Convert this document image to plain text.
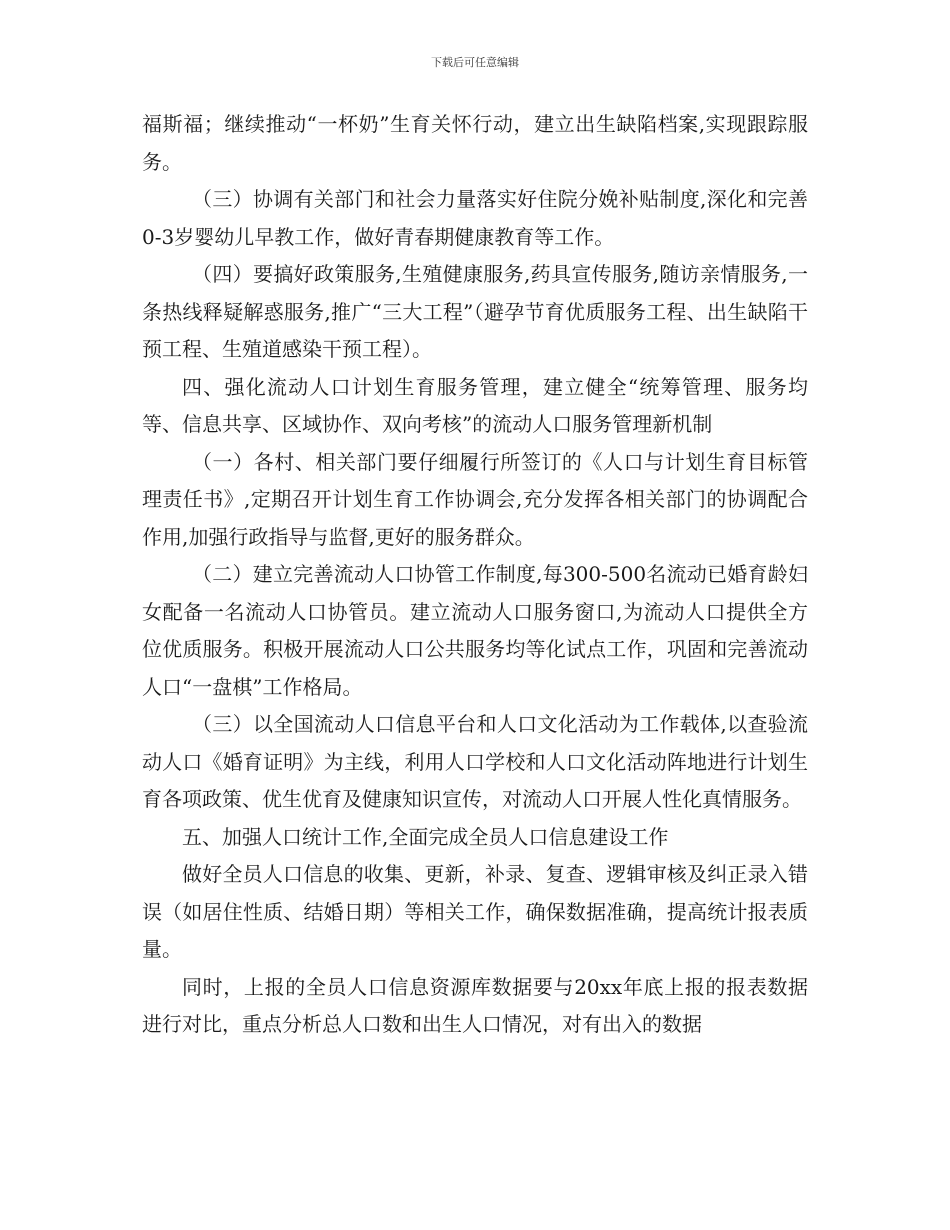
下载后可任意编辑

福斯福；继续推动“一杯奶”生育关怀行动，建立出生缺陷档案,实现跟踪服务。

（三）协调有关部门和社会力量落实好住院分娩补贴制度,深化和完善0-3岁婴幼儿早教工作，做好青春期健康教育等工作。

（四）要搞好政策服务,生殖健康服务,药具宣传服务,随访亲情服务,一条热线释疑解惑服务,推广“三大工程”（避孕节育优质服务工程、出生缺陷干预工程、生殖道感染干预工程）。

四、强化流动人口计划生育服务管理，建立健全“统筹管理、服务均等、信息共享、区域协作、双向考核”的流动人口服务管理新机制

（一）各村、相关部门要仔细履行所签订的《人口与计划生育目标管理责任书》,定期召开计划生育工作协调会,充分发挥各相关部门的协调配合作用,加强行政指导与监督,更好的服务群众。

（二）建立完善流动人口协管工作制度,每300-500名流动已婚育龄妇女配备一名流动人口协管员。建立流动人口服务窗口,为流动人口提供全方位优质服务。积极开展流动人口公共服务均等化试点工作，巩固和完善流动人口“一盘棋”工作格局。

（三）以全国流动人口信息平台和人口文化活动为工作载体,以查验流动人口《婚育证明》为主线，利用人口学校和人口文化活动阵地进行计划生育各项政策、优生优育及健康知识宣传，对流动人口开展人性化真情服务。

五、加强人口统计工作,全面完成全员人口信息建设工作

做好全员人口信息的收集、更新，补录、复查、逻辑审核及纠正录入错误（如居住性质、结婚日期）等相关工作，确保数据准确，提高统计报表质量。

同时，上报的全员人口信息资源库数据要与20xx年底上报的报表数据进行对比，重点分析总人口数和出生人口情况，对有出入的数据
